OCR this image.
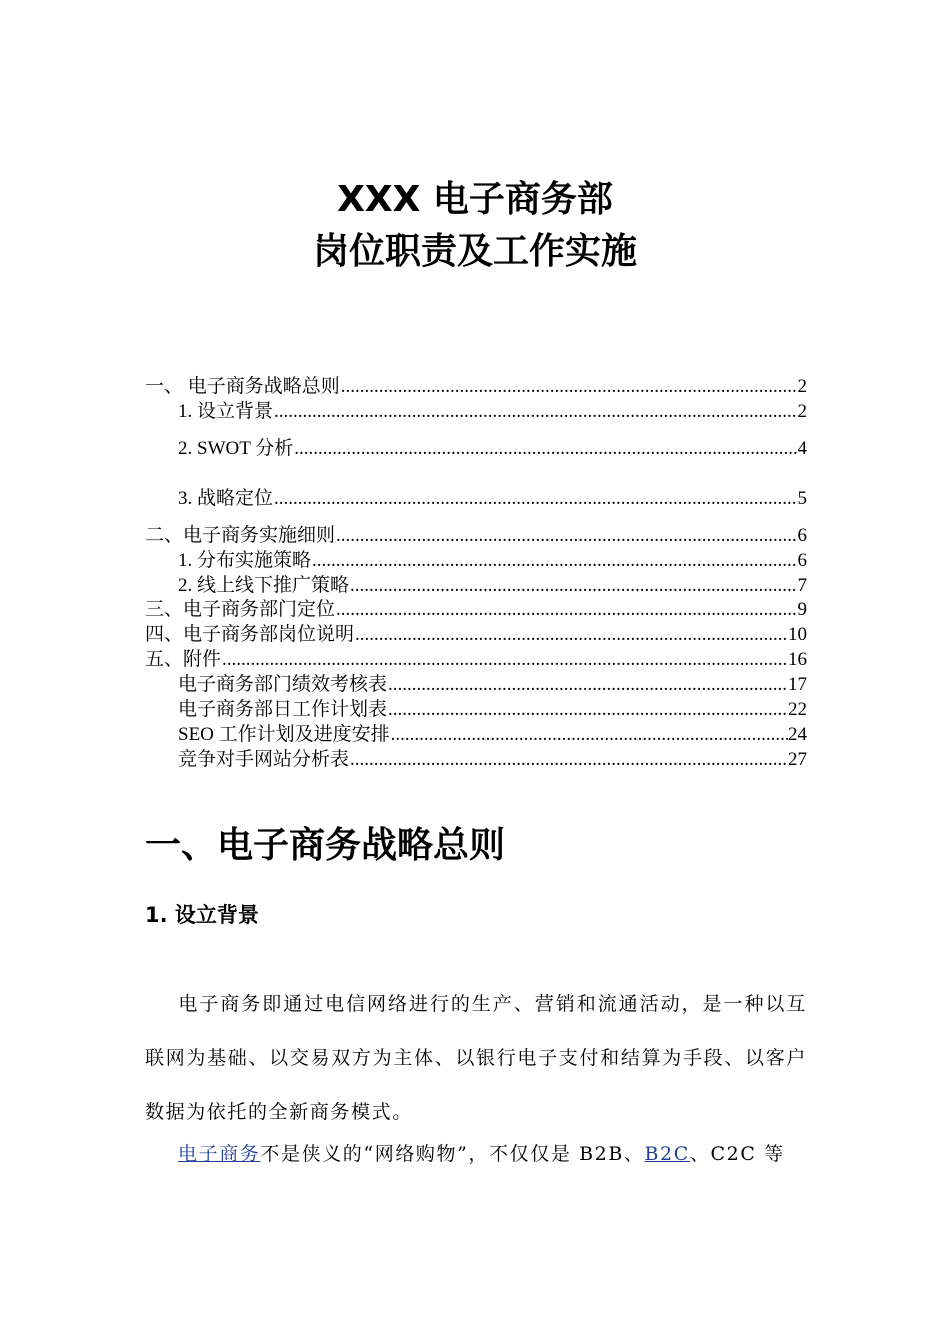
XXX 电子商务部
岗位职责及工作实施
一、 电子商务战略总则 .....	2
1. 设立背景 .....	2
2. SWOT 分析 .....	4
3. 战略定位 .....	5
二、电子商务实施细则 .....	6
1. 分布实施策略 .....	6
2. 线上线下推广策略 .....	7
三、电子商务部门定位 .....	9
四、电子商务部岗位说明 .....	10
五、附件 .....	16
电子商务部门绩效考核表 .....	17
电子商务部日工作计划表 .....	22
SEO 工作计划及进度安排 .....	24
竞争对手网站分析表 .....	27
一、电子商务战略总则
1. 设立背景
电子商务即通过电信网络进行的生产、营销和流通活动，是一种以互联网为基础、以交易双方为主体、以银行电子支付和结算为手段、以客户数据为依托的全新商务模式。
电子商务不是侠义的“网络购物”，不仅仅是 B2B、B2C、C2C 等
